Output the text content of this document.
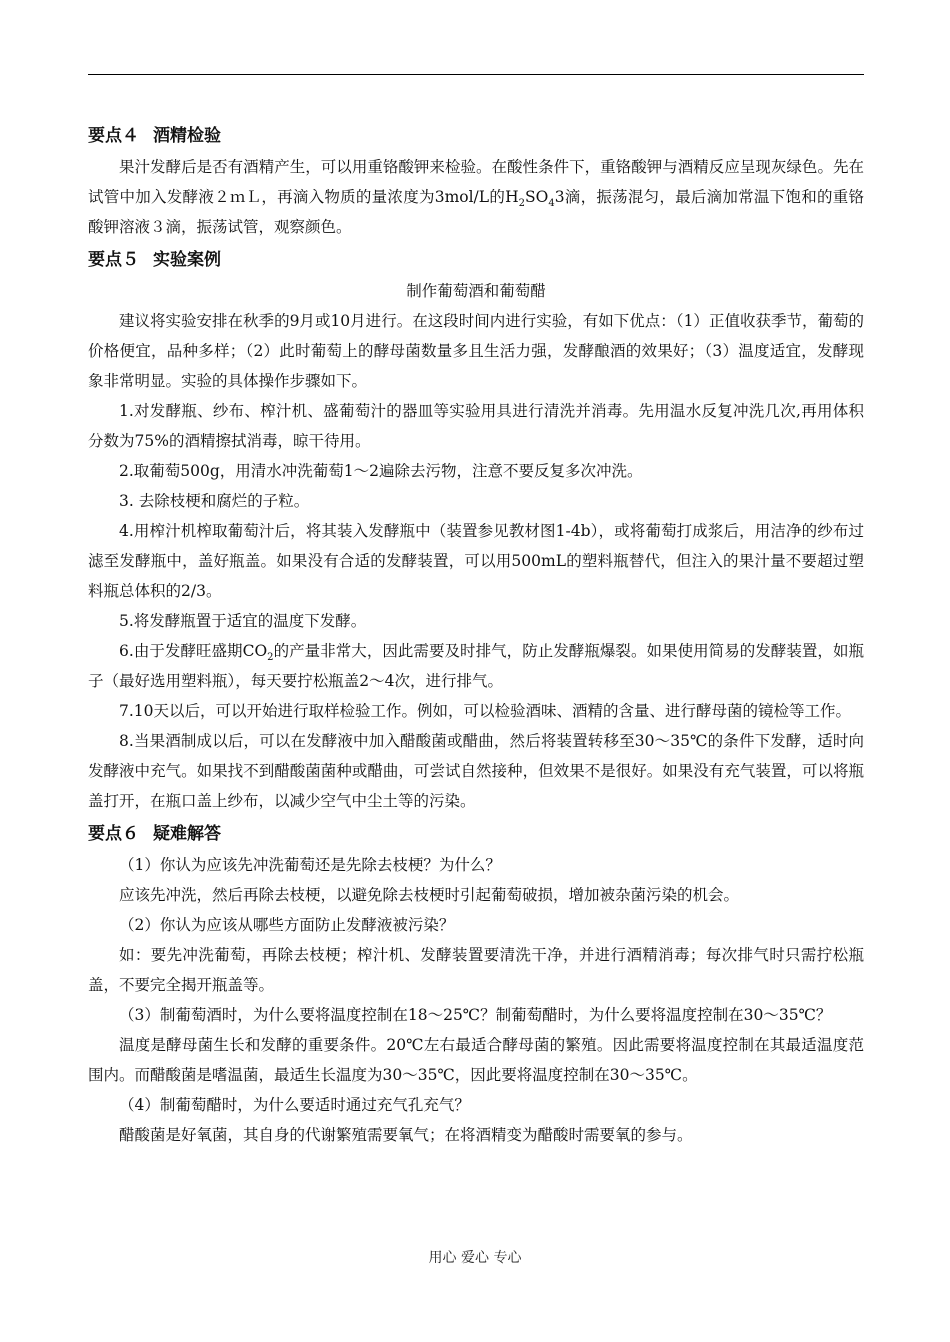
要点４ 酒精检验

果汁发酵后是否有酒精产生，可以用重铬酸钾来检验。在酸性条件下，重铬酸钾与酒精反应呈现灰绿色。先在试管中加入发酵液２ｍＬ，再滴入物质的量浓度为3mol/L的$H_2SO_43$滴，振荡混匀，最后滴加常温下饱和的重铬酸钾溶液３滴，振荡试管，观察颜色。

要点５ 实验案例

制作葡萄酒和葡萄醋

建议将实验安排在秋季的9月或10月进行。在这段时间内进行实验，有如下优点：（1）正值收获季节，葡萄的价格便宜，品种多样；（2）此时葡萄上的酵母菌数量多且生活力强，发酵酿酒的效果好；（3）温度适宜，发酵现象非常明显。实验的具体操作步骤如下。

1.对发酵瓶、纱布、榨汁机、盛葡萄汁的器皿等实验用具进行清洗并消毒。先用温水反复冲洗几次,再用体积分数为75%的酒精擦拭消毒，晾干待用。

2.取葡萄500g，用清水冲洗葡萄1～2遍除去污物，注意不要反复多次冲洗。

3. 去除枝梗和腐烂的子粒。

4.用榨汁机榨取葡萄汁后，将其装入发酵瓶中（装置参见教材图1-4b），或将葡萄打成浆后，用洁净的纱布过滤至发酵瓶中，盖好瓶盖。如果没有合适的发酵装置，可以用500mL的塑料瓶替代，但注入的果汁量不要超过塑料瓶总体积的2/3。

5.将发酵瓶置于适宜的温度下发酵。

6.由于发酵旺盛期$CO_2$的产量非常大，因此需要及时排气，防止发酵瓶爆裂。如果使用简易的发酵装置，如瓶子（最好选用塑料瓶），每天要拧松瓶盖2～4次，进行排气。

7.10天以后，可以开始进行取样检验工作。例如，可以检验酒味、酒精的含量、进行酵母菌的镜检等工作。

8.当果酒制成以后，可以在发酵液中加入醋酸菌或醋曲，然后将装置转移至30～35℃的条件下发酵，适时向发酵液中充气。如果找不到醋酸菌菌种或醋曲，可尝试自然接种，但效果不是很好。如果没有充气装置，可以将瓶盖打开，在瓶口盖上纱布，以减少空气中尘土等的污染。

要点６ 疑难解答

（1）你认为应该先冲洗葡萄还是先除去枝梗？为什么？

应该先冲洗，然后再除去枝梗，以避免除去枝梗时引起葡萄破损，增加被杂菌污染的机会。

（2）你认为应该从哪些方面防止发酵液被污染？

如：要先冲洗葡萄，再除去枝梗；榨汁机、发酵装置要清洗干净，并进行酒精消毒；每次排气时只需拧松瓶盖，不要完全揭开瓶盖等。

（3）制葡萄酒时，为什么要将温度控制在18～25℃？制葡萄醋时，为什么要将温度控制在30～35℃？

温度是酵母菌生长和发酵的重要条件。20℃左右最适合酵母菌的繁殖。因此需要将温度控制在其最适温度范围内。而醋酸菌是嗜温菌，最适生长温度为30～35℃，因此要将温度控制在30～35℃。

（4）制葡萄醋时，为什么要适时通过充气孔充气？

醋酸菌是好氧菌，其自身的代谢繁殖需要氧气；在将酒精变为醋酸时需要氧的参与。

用心 爱心 专心
